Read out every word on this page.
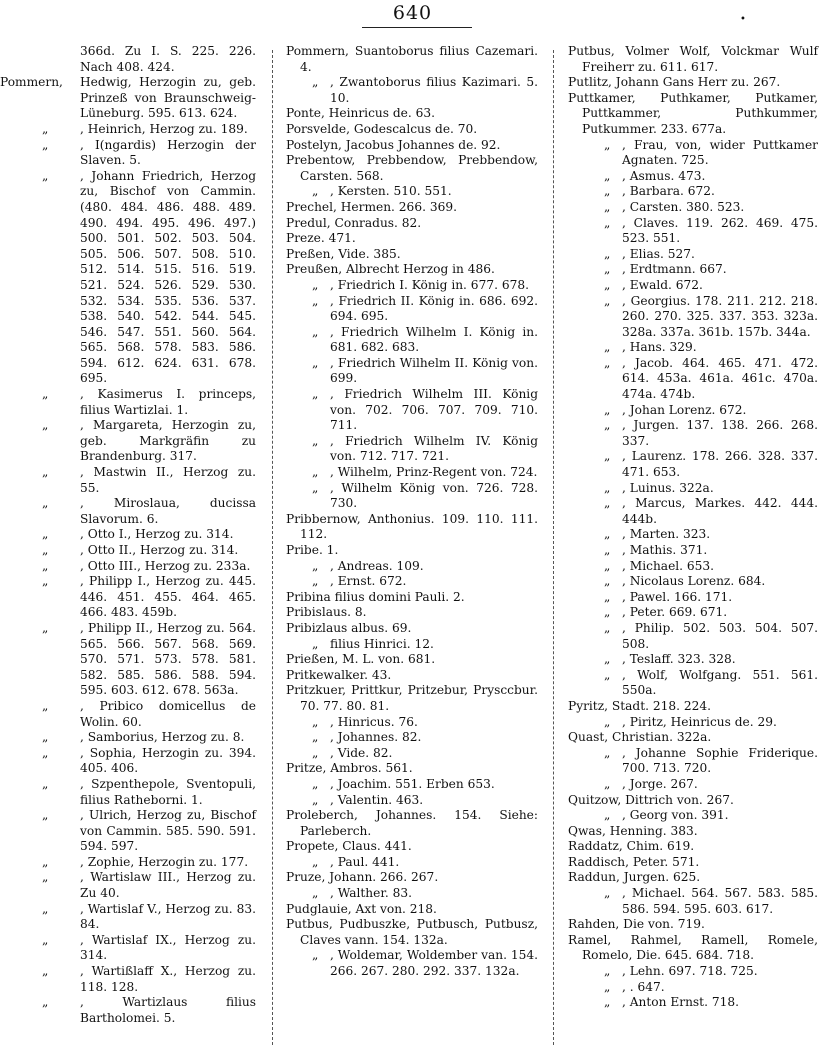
640	•
366d. Zu I. S. 225. 226. Nach 408. 424.
Pommern,	Hedwig, Herzogin zu, geb. Prinzeß von Braunschweig-Lüneburg. 595. 613. 624.
„	, Heinrich, Herzog zu. 189.
„	, I(ngardis) Herzogin der Slaven. 5.
„	, Johann Friedrich, Herzog zu, Bischof von Cammin. (480. 484. 486. 488. 489. 490. 494. 495. 496. 497.) 500. 501. 502. 503. 504. 505. 506. 507. 508. 510. 512. 514. 515. 516. 519. 521. 524. 526. 529. 530. 532. 534. 535. 536. 537. 538. 540. 542. 544. 545. 546. 547. 551. 560. 564. 565. 568. 578. 583. 586. 594. 612. 624. 631. 678. 695.
„	, Kasimerus I. princeps, filius Wartizlai. 1.
„	, Margareta, Herzogin zu, geb. Markgräfin zu Brandenburg. 317.
„	, Mastwin II., Herzog zu. 55.
„	, Miroslaua, ducissa Slavorum. 6.
„	, Otto I., Herzog zu. 314.
„	, Otto II., Herzog zu. 314.
„	, Otto III., Herzog zu. 233a.
„	, Philipp I., Herzog zu. 445. 446. 451. 455. 464. 465. 466. 483. 459b.
„	, Philipp II., Herzog zu. 564. 565. 566. 567. 568. 569. 570. 571. 573. 578. 581. 582. 585. 586. 588. 594. 595. 603. 612. 678. 563a.
„	, Pribico domicellus de Wolin. 60.
„	, Samborius, Herzog zu. 8.
„	, Sophia, Herzogin zu. 394. 405. 406.
„	, Szpenthepole, Sventopuli, filius Ratheborni. 1.
„	, Ulrich, Herzog zu, Bischof von Cammin. 585. 590. 591. 594. 597.
„	, Zophie, Herzogin zu. 177.
„	, Wartislaw III., Herzog zu. Zu 40.
„	, Wartislaf V., Herzog zu. 83. 84.
„	, Wartislaf IX., Herzog zu. 314.
„	, Wartißlaff X., Herzog zu. 118. 128.
„	, Wartizlaus filius Bartholomei. 5.
Pommern, Suantoborus filius Cazemari. 4.
„ , Zwantoborus filius Kazimari. 5. 10.
Ponte, Heinricus de. 63.
Porsvelde, Godescalcus de. 70.
Postelyn, Jacobus Johannes de. 92.
Prebentow, Prebbendow, Prebbendow, Carsten. 568.
„ , Kersten. 510. 551.
Prechel, Hermen. 266. 369.
Predul, Conradus. 82.
Preze. 471.
Preßen, Vide. 385.
Preußen, Albrecht Herzog in 486.
„ , Friedrich I. König in. 677. 678.
„ , Friedrich II. König in. 686. 692. 694. 695.
„ , Friedrich Wilhelm I. König in. 681. 682. 683.
„ , Friedrich Wilhelm II. König von. 699.
„ , Friedrich Wilhelm III. König von. 702. 706. 707. 709. 710. 711.
„ , Friedrich Wilhelm IV. König von. 712. 717. 721.
„ , Wilhelm, Prinz-Regent von. 724.
„ , Wilhelm König von. 726. 728. 730.
Pribbernow, Anthonius. 109. 110. 111. 112.
Pribe. 1.
„ , Andreas. 109.
„ , Ernst. 672.
Pribina filius domini Pauli. 2.
Pribislaus. 8.
Pribizlaus albus. 69.
„ filius Hinrici. 12.
Prießen, M. L. von. 681.
Pritkewalker. 43.
Pritzkuer, Prittkur, Pritzebur, Prysccbur. 70. 77. 80. 81.
„ , Hinricus. 76.
„ , Johannes. 82.
„ , Vide. 82.
Pritze, Ambros. 561.
„ , Joachim. 551. Erben 653.
„ , Valentin. 463.
Proleberch, Johannes. 154. Siehe: Parleberch.
Propete, Claus. 441.
„ , Paul. 441.
Pruze, Johann. 266. 267.
„ , Walther. 83.
Pudglauie, Axt von. 218.
Putbus, Pudbuszke, Putbusch, Putbusz, Claves vann. 154. 132a.
„ , Woldemar, Woldember van. 154. 266. 267. 280. 292. 337. 132a.
Putbus, Volmer Wolf, Volckmar Wulf Freiherr zu. 611. 617.
Putlitz, Johann Gans Herr zu. 267.
Puttkamer, Puthkamer, Putkamer, Puttkammer, Puthkummer, Putkummer. 233. 677a.
„ , Frau, von, wider Puttkamer Agnaten. 725.
„ , Asmus. 473.
„ , Barbara. 672.
„ , Carsten. 380. 523.
„ , Claves. 119. 262. 469. 475. 523. 551.
„ , Elias. 527.
„ , Erdtmann. 667.
„ , Ewald. 672.
„ , Georgius. 178. 211. 212. 218. 260. 270. 325. 337. 353. 323a. 328a. 337a. 361b. 157b. 344a.
„ , Hans. 329.
„ , Jacob. 464. 465. 471. 472. 614. 453a. 461a. 461c. 470a. 474a. 474b.
„ , Johan Lorenz. 672.
„ , Jurgen. 137. 138. 266. 268. 337.
„ , Laurenz. 178. 266. 328. 337. 471. 653.
„ , Luinus. 322a.
„ , Marcus, Markes. 442. 444. 444b.
„ , Marten. 323.
„ , Mathis. 371.
„ , Michael. 653.
„ , Nicolaus Lorenz. 684.
„ , Pawel. 166. 171.
„ , Peter. 669. 671.
„ , Philip. 502. 503. 504. 507. 508.
„ , Teslaff. 323. 328.
„ , Wolf, Wolfgang. 551. 561. 550a.
Pyritz, Stadt. 218. 224.
„ , Piritz, Heinricus de. 29.
Quast, Christian. 322a.
„ , Johanne Sophie Friderique. 700. 713. 720.
„ , Jorge. 267.
Quitzow, Dittrich von. 267.
„ , Georg von. 391.
Qwas, Henning. 383.
Raddatz, Chim. 619.
Raddisch, Peter. 571.
Raddun, Jurgen. 625.
„ , Michael. 564. 567. 583. 585. 586. 594. 595. 603. 617.
Rahden, Die von. 719.
Ramel, Rahmel, Ramell, Romele, Romelo, Die. 645. 684. 718.
„ , Lehn. 697. 718. 725.
„ , . 647.
„ , Anton Ernst. 718.
